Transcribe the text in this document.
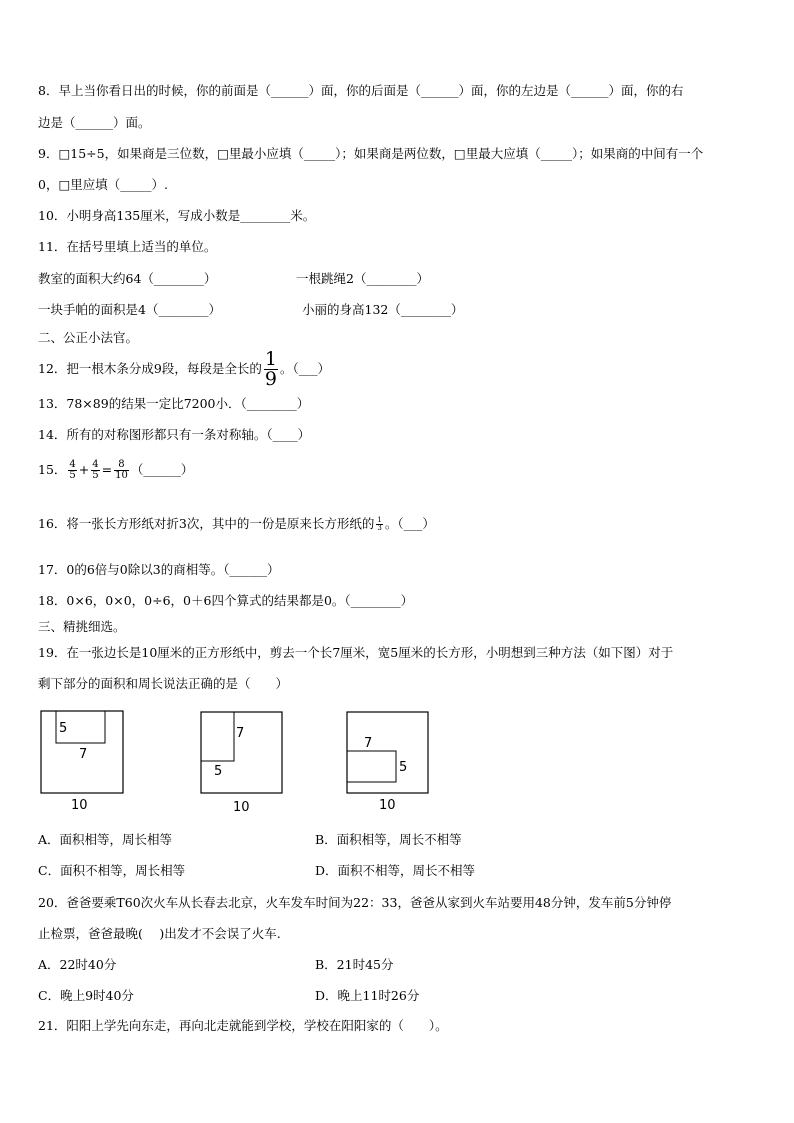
8．早上当你看日出的时候，你的前面是（______）面，你的后面是（______）面，你的左边是（______）面，你的右
边是（______）面。
9．□15÷5，如果商是三位数，□里最小应填（_____）；如果商是两位数，□里最大应填（_____）；如果商的中间有一个
0，□里应填（_____）.
10．小明身高135厘米，写成小数是________米。
11．在括号里填上适当的单位。
教室的面积大约64（________）	一根跳绳2（________）
一块手帕的面积是4（________）	小丽的身高132（________）
二、公正小法官。
12．把一根木条分成9段，每段是全长的 $\frac{1}{9}$ 。（___）
13．78×89的结果一定比7200小．（________）
14．所有的对称图形都只有一条对称轴。（____）
15． $\frac{4}{5} + \frac{4}{5} = \frac{8}{10}$ （______）
16．将一张长方形纸对折3次，其中的一份是原来长方形纸的 $\frac{1}{3}$ 。（___）
17．0的6倍与0除以3的商相等。（______）
18．0×6，0×0，0÷6，0＋6四个算式的结果都是0。（________）
三、精挑细选。
19．在一张边长是10厘米的正方形纸中，剪去一个长7厘米，宽5厘米的长方形，小明想到三种方法（如下图）对于
剩下部分的面积和周长说法正确的是（　　）
5
7
10
7
5
10
7
5
10
A．面积相等，周长相等	B．面积相等，周长不相等
C．面积不相等，周长相等	D．面积不相等，周长不相等
20．爸爸要乘T60次火车从长春去北京，火车发车时间为22：33，爸爸从家到火车站要用48分钟，发车前5分钟停
止检票，爸爸最晚(　 )出发才不会误了火车.
A．22时40分	B．21时45分
C．晚上9时40分	D．晚上11时26分
21．阳阳上学先向东走，再向北走就能到学校，学校在阳阳家的（　　）。
